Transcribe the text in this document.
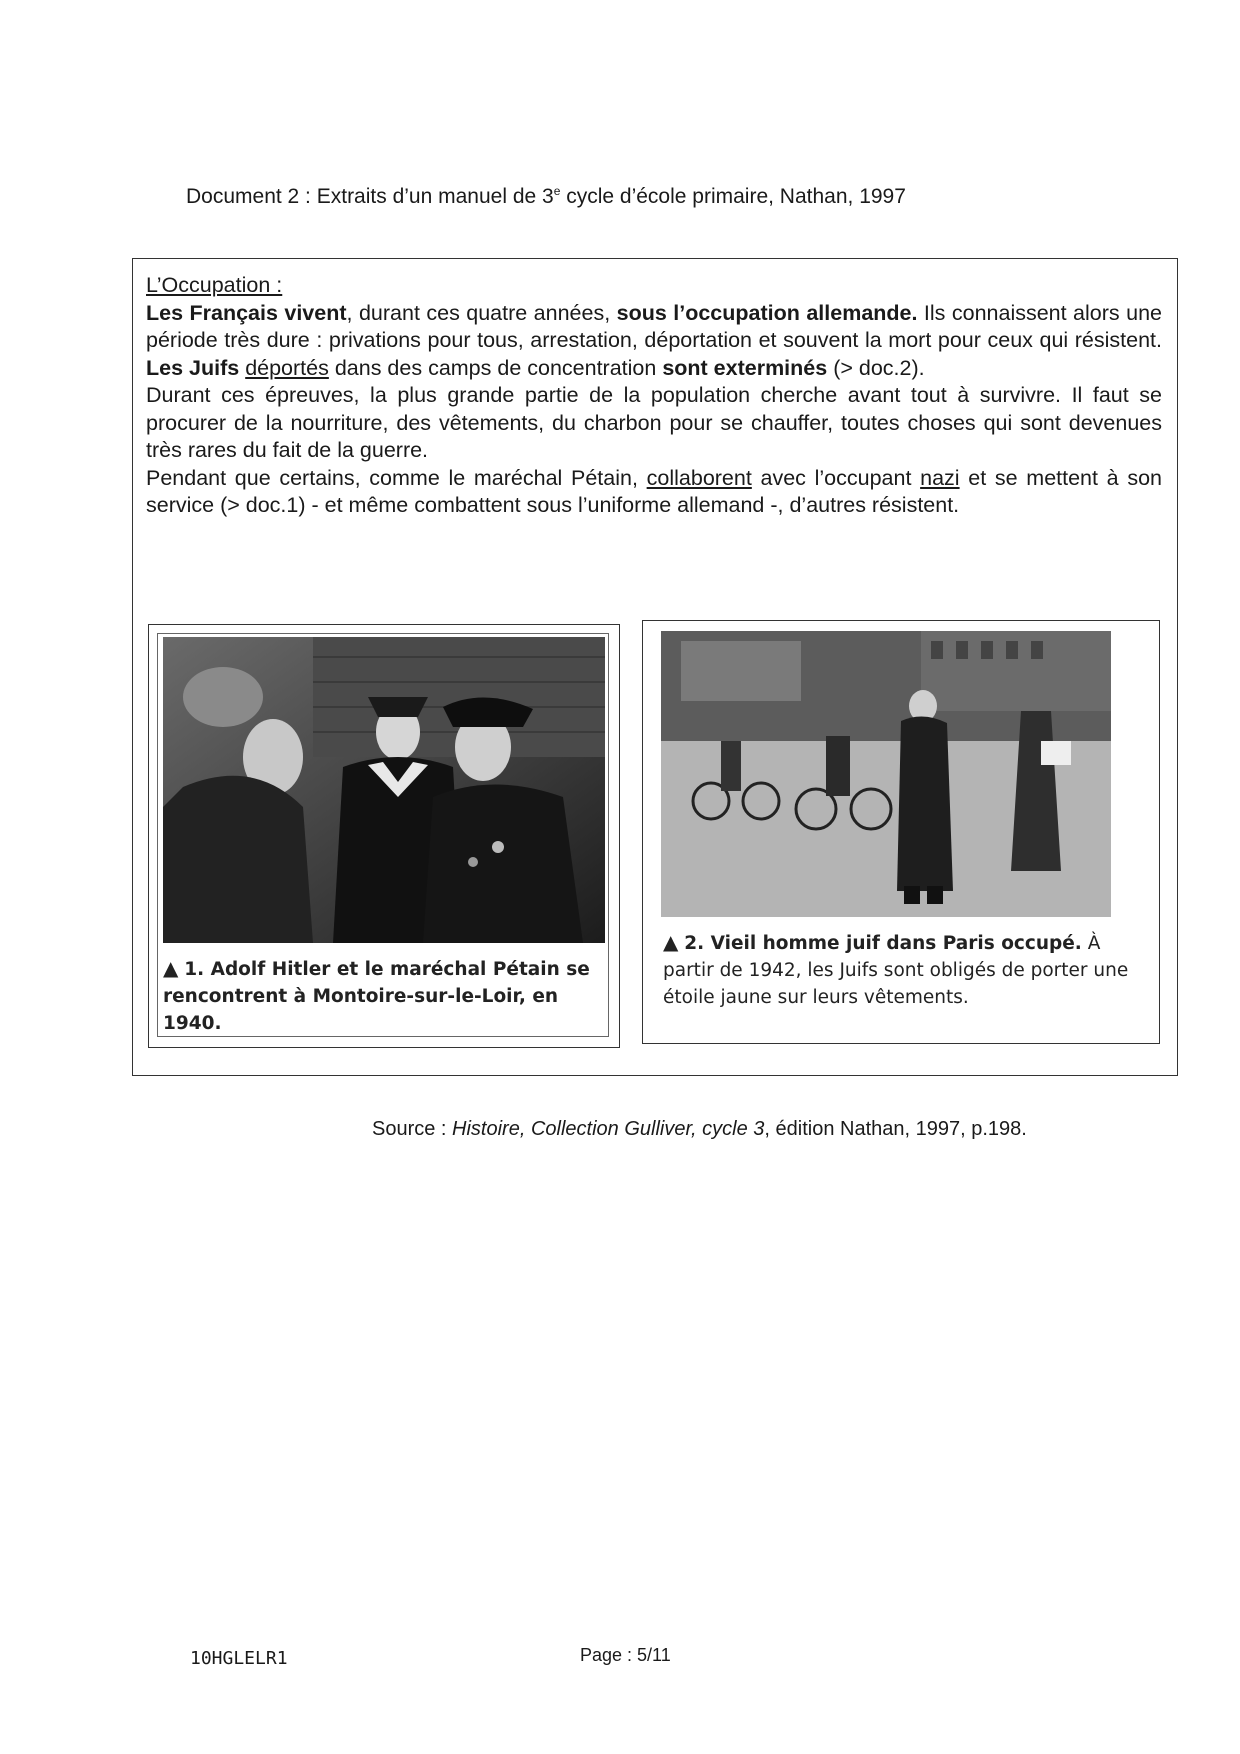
Document 2 : Extraits d’un manuel de 3e cycle d’école primaire, Nathan, 1997

L’Occupation :

Les Français vivent, durant ces quatre années, sous l’occupation allemande. Ils connaissent alors une période très dure : privations pour tous, arrestation, déportation et souvent la mort pour ceux qui résistent. Les Juifs déportés dans des camps de concentration sont exterminés (> doc.2).

Durant ces épreuves, la plus grande partie de la population cherche avant tout à survivre. Il faut se procurer de la nourriture, des vêtements, du charbon pour se chauffer, toutes choses qui sont devenues très rares du fait de la guerre.

Pendant que certains, comme le maréchal Pétain, collaborent avec l’occupant nazi et se mettent à son service (> doc.1) - et même combattent sous l’uniforme allemand -, d’autres résistent.

▲ 1. Adolf Hitler et le maréchal Pétain se rencontrent à Montoire-sur-le-Loir, en 1940.
▲ 2. Vieil homme juif dans Paris occupé. À partir de 1942, les Juifs sont obligés de porter une étoile jaune sur leurs vêtements.
Source : Histoire, Collection Gulliver, cycle 3, édition Nathan, 1997, p.198.
10HGLELR1	Page : 5/11
